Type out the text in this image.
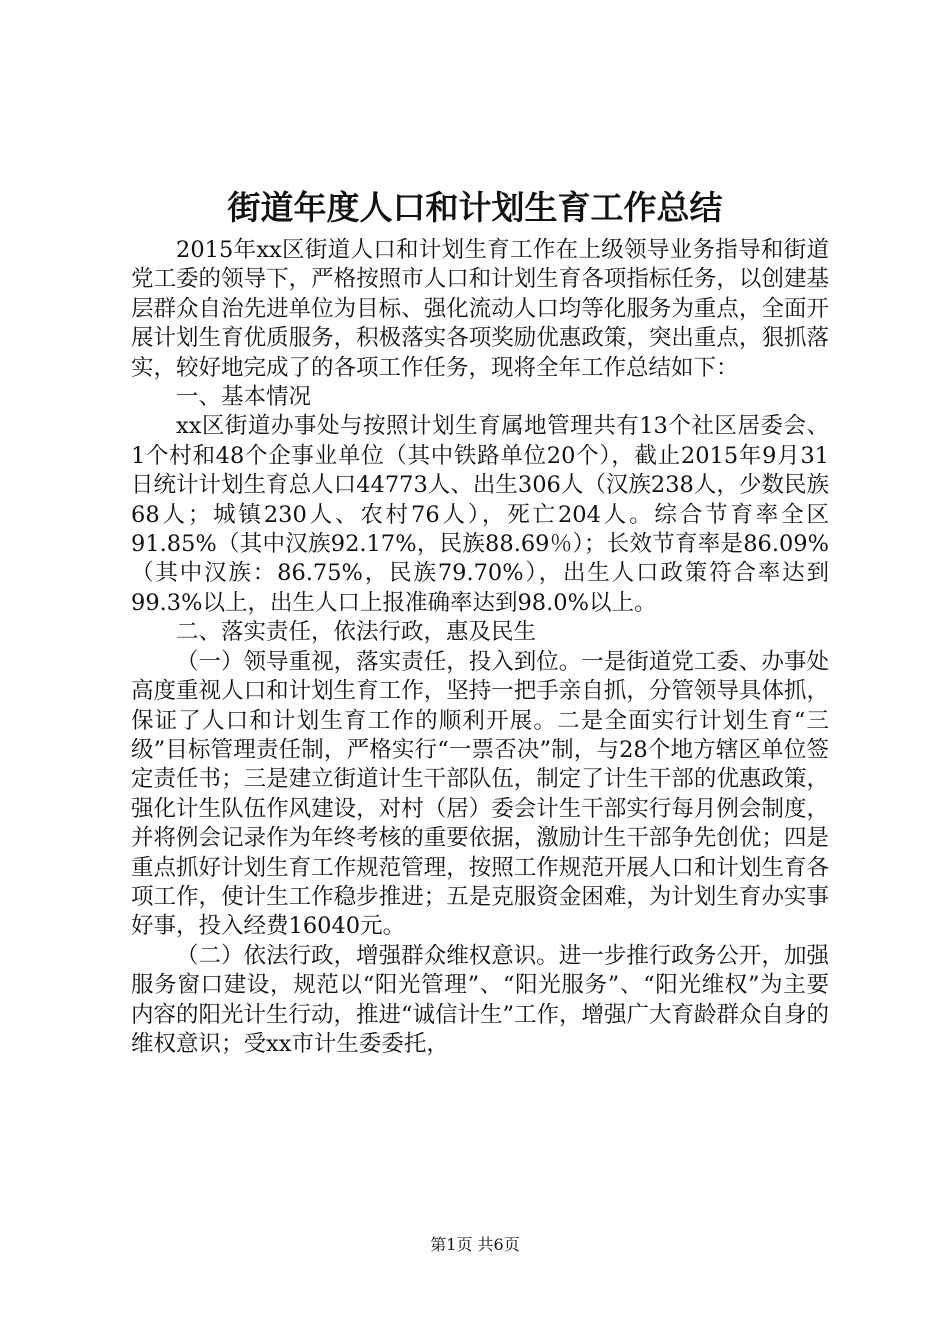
街道年度人口和计划生育工作总结

2015年xx区街道人口和计划生育工作在上级领导业务指导和街道党工委的领导下，严格按照市人口和计划生育各项指标任务，以创建基层群众自治先进单位为目标、强化流动人口均等化服务为重点，全面开展计划生育优质服务，积极落实各项奖励优惠政策，突出重点，狠抓落实，较好地完成了的各项工作任务，现将全年工作总结如下：

一、基本情况

xx区街道办事处与按照计划生育属地管理共有13个社区居委会、1个村和48个企事业单位（其中铁路单位20个），截止2015年9月31日统计计划生育总人口44773人、出生306人（汉族238人，少数民族68人；城镇230人、农村76人），死亡204人。综合节育率全区91.85%（其中汉族92.17%，民族88.69％）；长效节育率是86.09%（其中汉族：86.75%，民族79.70%），出生人口政策符合率达到99.3%以上，出生人口上报准确率达到98.0%以上。

二、落实责任，依法行政，惠及民生

（一）领导重视，落实责任，投入到位。一是街道党工委、办事处高度重视人口和计划生育工作，坚持一把手亲自抓，分管领导具体抓，保证了人口和计划生育工作的顺利开展。二是全面实行计划生育“三级”目标管理责任制，严格实行“一票否决”制，与28个地方辖区单位签定责任书；三是建立街道计生干部队伍，制定了计生干部的优惠政策，强化计生队伍作风建设，对村（居）委会计生干部实行每月例会制度，并将例会记录作为年终考核的重要依据，激励计生干部争先创优；四是重点抓好计划生育工作规范管理，按照工作规范开展人口和计划生育各项工作，使计生工作稳步推进；五是克服资金困难，为计划生育办实事好事，投入经费16040元。

（二）依法行政，增强群众维权意识。进一步推行政务公开，加强服务窗口建设，规范以“阳光管理”、“阳光服务”、“阳光维权”为主要内容的阳光计生行动，推进“诚信计生”工作，增强广大育龄群众自身的维权意识；受xx市计生委委托，

第1页 共6页
